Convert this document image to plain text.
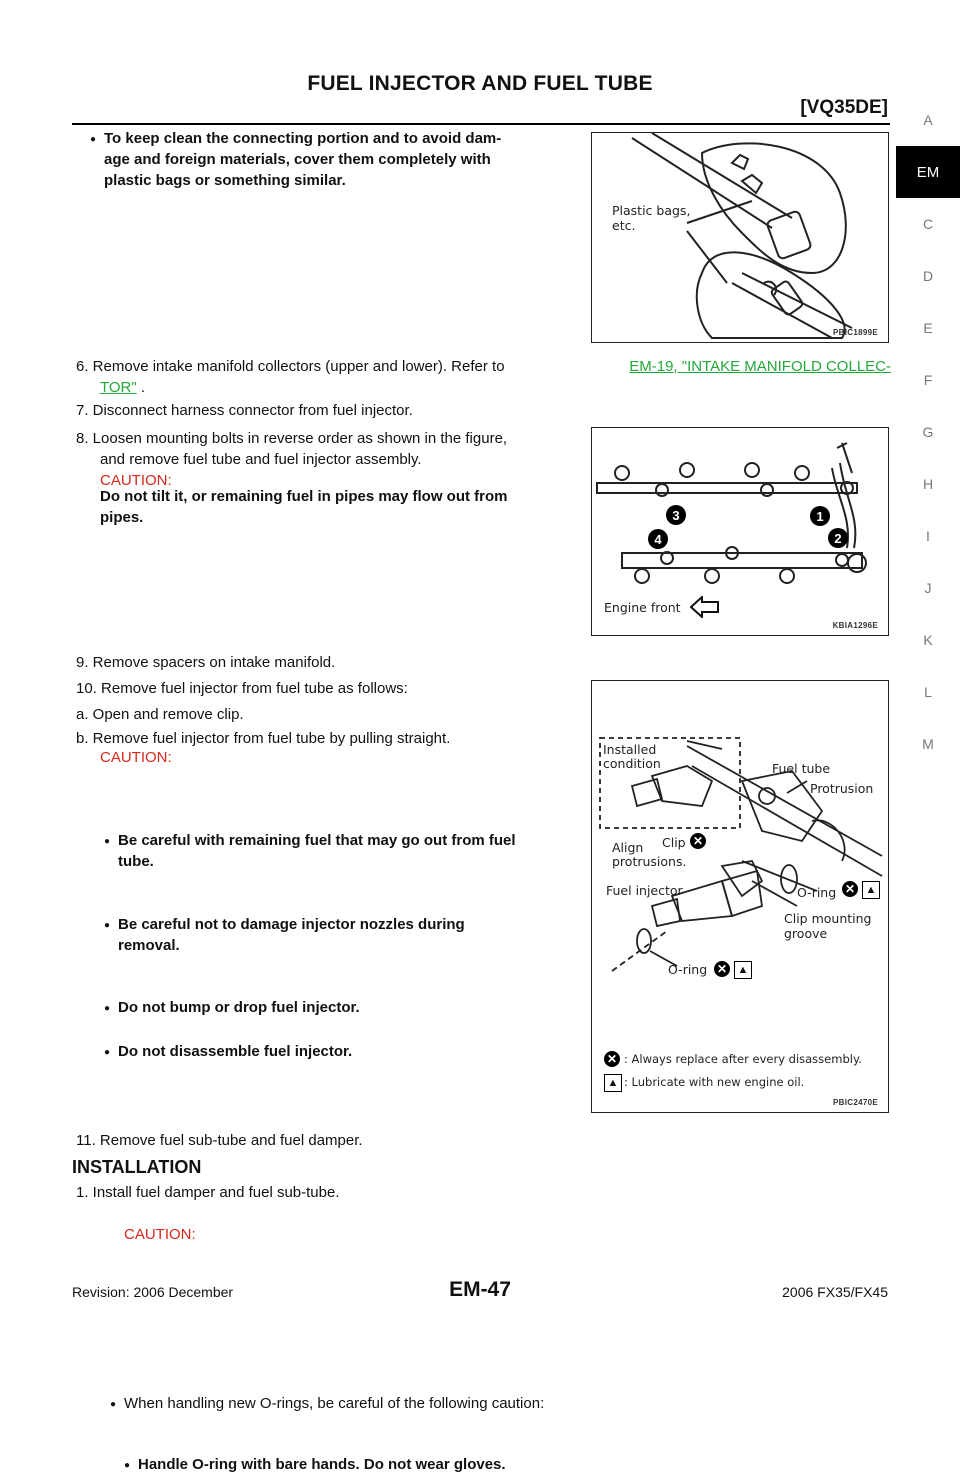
FUEL INJECTOR AND FUEL TUBE
[VQ35DE]
A
EM
C
D
E
F
G
H
I
J
K
L
M
● To keep clean the connecting portion and to avoid dam-
age and foreign materials, cover them completely with
plastic bags or something similar.
Plastic bags,
etc.
PBIC1899E
6. Remove intake manifold collectors (upper and lower). Refer to	EM-19, "INTAKE MANIFOLD COLLEC-
TOR" .
7. Disconnect harness connector from fuel injector.
8. Loosen mounting bolts in reverse order as shown in the figure,
and remove fuel tube and fuel injector assembly.
CAUTION:
Do not tilt it, or remaining fuel in pipes may flow out from
pipes.	1
2
3
4
Engine front
KBIA1296E
9. Remove spacers on intake manifold.
10. Remove fuel injector from fuel tube as follows:
a. Open and remove clip.
b. Remove fuel injector from fuel tube by pulling straight.
CAUTION:
● Be careful with remaining fuel that may go out from fuel
tube.
● Be careful not to damage injector nozzles during
removal.
● Do not bump or drop fuel injector.
● Do not disassemble fuel injector.
Installed
condition	Fuel tube
Protrusion
Clip ✕
Align
protrusions.
Fuel injector	O-ring ✕ ▲
Clip mounting
groove
O-ring ✕ ▲
✕ : Always replace after every disassembly.
▲ : Lubricate with new engine oil.
PBIC2470E
11. Remove fuel sub-tube and fuel damper.
INSTALLATION
1. Install fuel damper and fuel sub-tube.
● When handling new O-rings, be careful of the following caution:
CAUTION:
● Handle O-ring with bare hands. Do not wear gloves.
Revision: 2006 December	EM-47	2006 FX35/FX45
